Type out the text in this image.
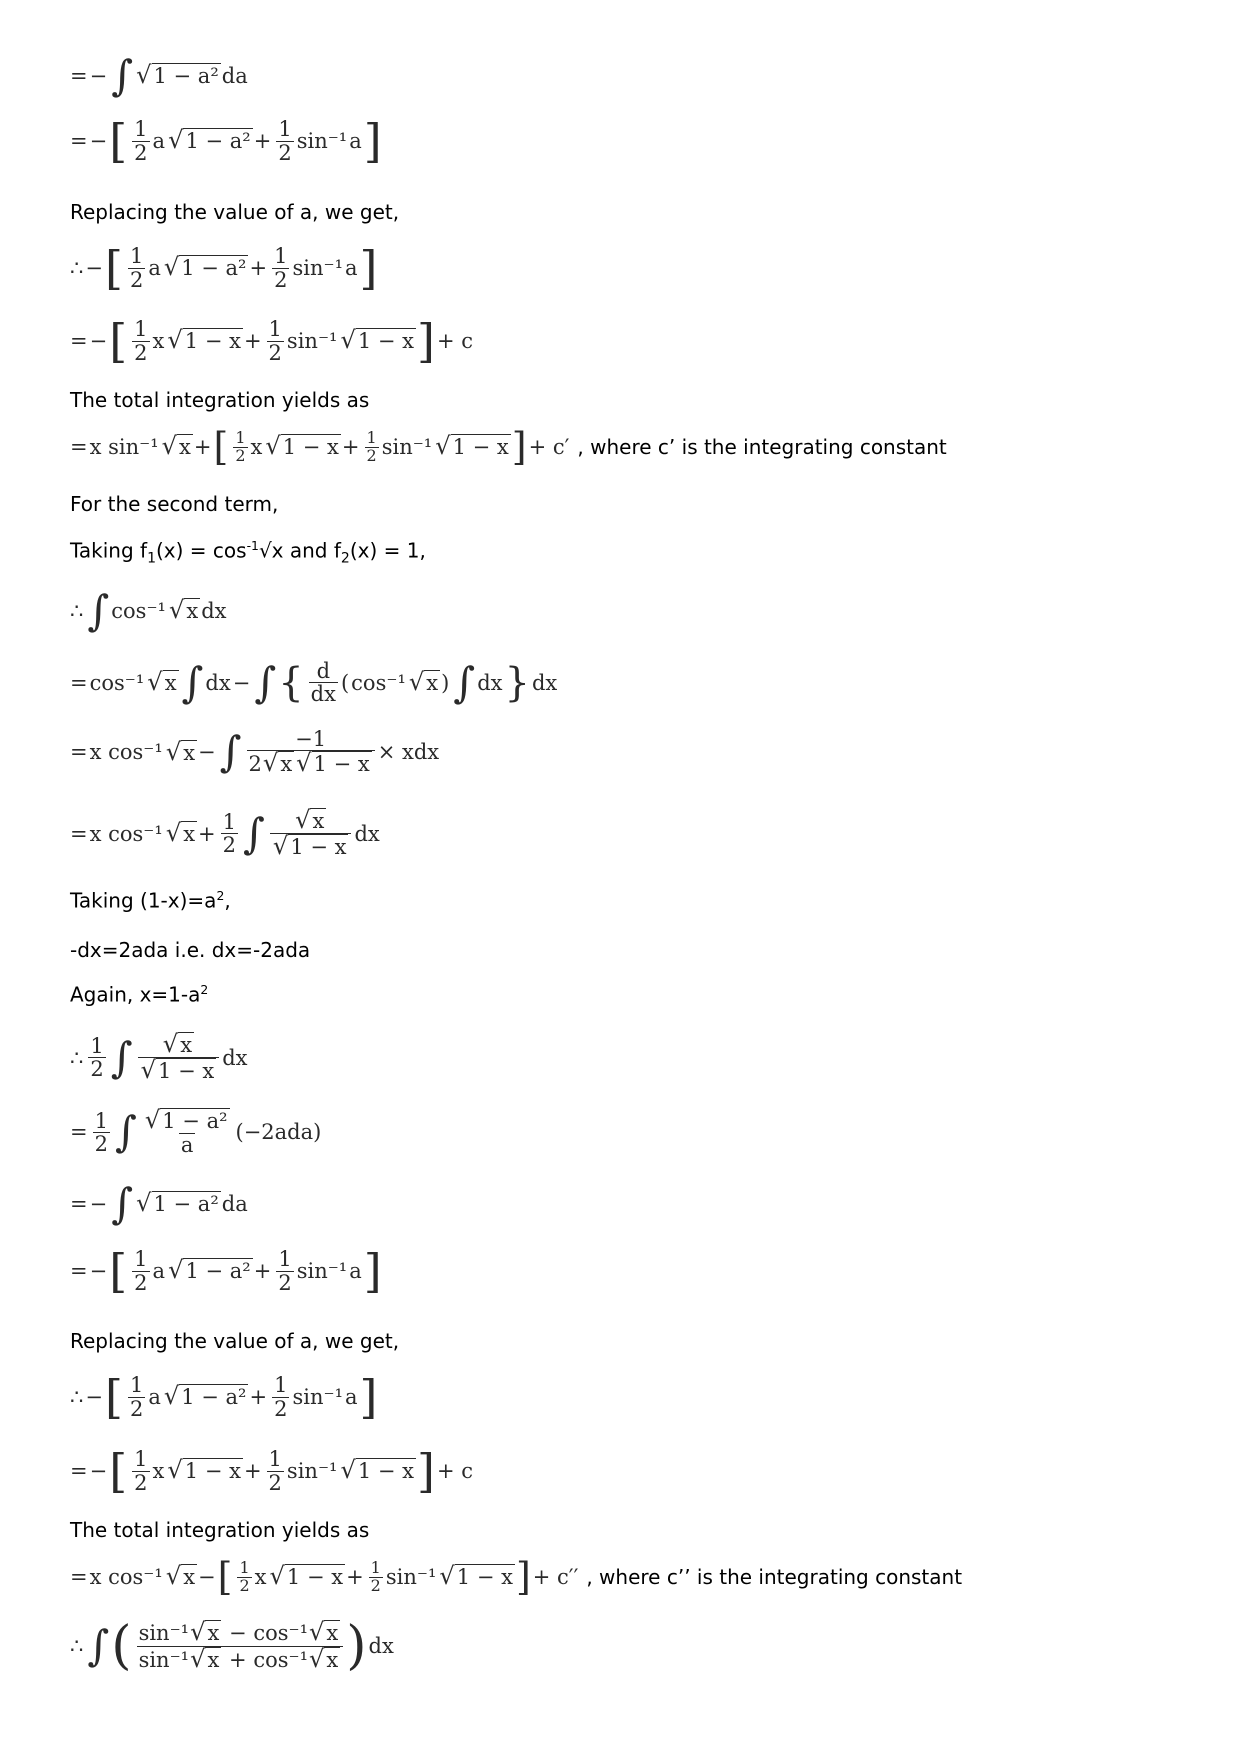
= − ∫ √ 1 − a² da
= − [ $\frac{1}{2}$ a √ $1 - a^2 + \frac{1}{2} \sin^{-1}$ a ]
Replacing the value of a, we get,
∴ − [ $\frac{1}{2}$ a √ $1 - a^2 + \frac{1}{2} \sin^{-1}$ a ]
= − [ $\frac{1}{2}$ x √ $1 - x + \frac{1}{2} \sin^{-1}$ √ 1 − x ] + c
The total integration yields as
= x sin⁻¹ √ x + [ $\frac{1}{2}$ x √ $1 - x + \frac{1}{2} \sin^{-1}$ √ 1 − x ] + c′ , where c’ is the integrating constant
For the second term,
Taking $f_1(x) = \cos^{-1}√x$ and $f_2(x) = 1$,
∴ ∫ cos⁻¹ √ x dx
= cos⁻¹ √ x ∫ dx − ∫ { $\frac{d}{dx}$ ( cos⁻¹ √ x ) ∫ dx } dx
= x cos⁻¹ √ x − ∫ $\frac{-1}{2 √ x √ 1 - x}$ × xdx
= x cos⁻¹ √ $x + \frac{1}{2}$ ∫ $\frac{√ x}{√ 1 - x}$ dx
Taking $(1-x)=a^2$,
-dx=2ada i.e. dx=-2ada
Again, $x=1-a^2$
∴ $\frac{1}{2}$ ∫ $\frac{√ x}{√ 1 - x}$ dx
= $\frac{1}{2}$ ∫ $\frac{\text{√ 1 − a²}}{a} (-2ada)$
= − ∫ √ 1 − a² da
= − [ $\frac{1}{2}$ a √ $1 - a^2 + \frac{1}{2} \sin^{-1}$ a ]
Replacing the value of a, we get,
∴ − [ $\frac{1}{2}$ a √ $1 - a^2 + \frac{1}{2} \sin^{-1}$ a ]
= − [ $\frac{1}{2}$ x √ $1 - x + \frac{1}{2} \sin^{-1}$ √ 1 − x ] + c
The total integration yields as
= x cos⁻¹ √ x − [ $\frac{1}{2}$ x √ $1 - x + \frac{1}{2} \sin^{-1}$ √ 1 − x ] + c′′ , where c’’ is the integrating constant
∴ ∫ ( $\frac{\text{sin⁻¹ √ x − cos⁻¹ √ x}}{\text{sin⁻¹ √ x + cos⁻¹ √ x}}$ ) dx
